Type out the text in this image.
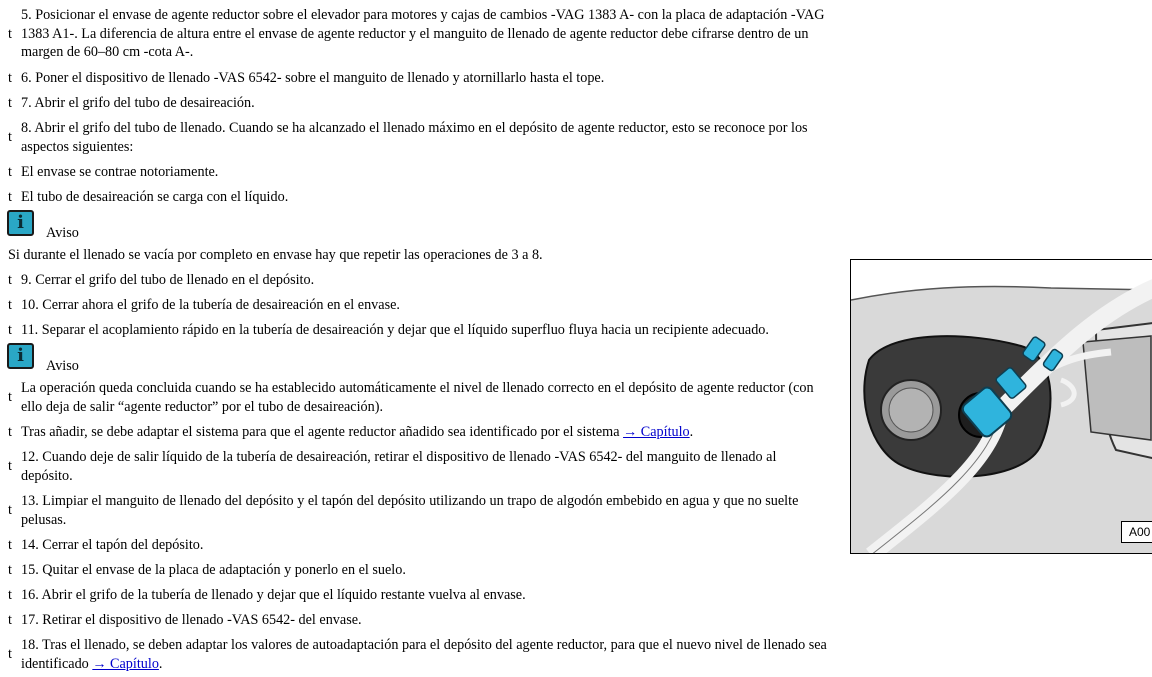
t
5. Posicionar el envase de agente reductor sobre el elevador para motores y cajas de cambios -VAG 1383 A- con la placa de adaptación -VAG 1383 A1-. La diferencia de altura entre el envase de agente reductor y el manguito de llenado de agente reductor debe cifrarse dentro de un margen de 60–80 cm -cota A-.
t 6. Poner el dispositivo de llenado -VAS 6542- sobre el manguito de llenado y atornillarlo hasta el tope.
t 7. Abrir el grifo del tubo de desaireación.
t
8. Abrir el grifo del tubo de llenado. Cuando se ha alcanzado el llenado máximo en el depósito de agente reductor, esto se reconoce por los aspectos siguientes:
t El envase se contrae notoriamente.
t El tubo de desaireación se carga con el líquido.
i
Aviso
Si durante el llenado se vacía por completo en envase hay que repetir las operaciones de 3 a 8.
t 9. Cerrar el grifo del tubo de llenado en el depósito.
t 10. Cerrar ahora el grifo de la tubería de desaireación en el envase.
t 11. Separar el acoplamiento rápido en la tubería de desaireación y dejar que el líquido superfluo fluya hacia un recipiente adecuado.
i
Aviso
t
La operación queda concluida cuando se ha establecido automáticamente el nivel de llenado correcto en el depósito de agente reductor (con ello deja de salir “agente reductor” por el tubo de desaireación).
t Tras añadir, se debe adaptar el sistema para que el agente reductor añadido sea identificado por el sistema → Capítulo.
t
12. Cuando deje de salir líquido de la tubería de desaireación, retirar el dispositivo de llenado -VAS 6542- del manguito de llenado al depósito.
t
13. Limpiar el manguito de llenado del depósito y el tapón del depósito utilizando un trapo de algodón embebido en agua y que no suelte pelusas.
t 14. Cerrar el tapón del depósito.
t 15. Quitar el envase de la placa de adaptación y ponerlo en el suelo.
t 16. Abrir el grifo de la tubería de llenado y dejar que el líquido restante vuelva al envase.
t 17. Retirar el dispositivo de llenado -VAS 6542- del envase.
t
18. Tras el llenado, se deben adaptar los valores de autoadaptación para el depósito del agente reductor, para que el nuevo nivel de llenado sea identificado → Capítulo.
A00
